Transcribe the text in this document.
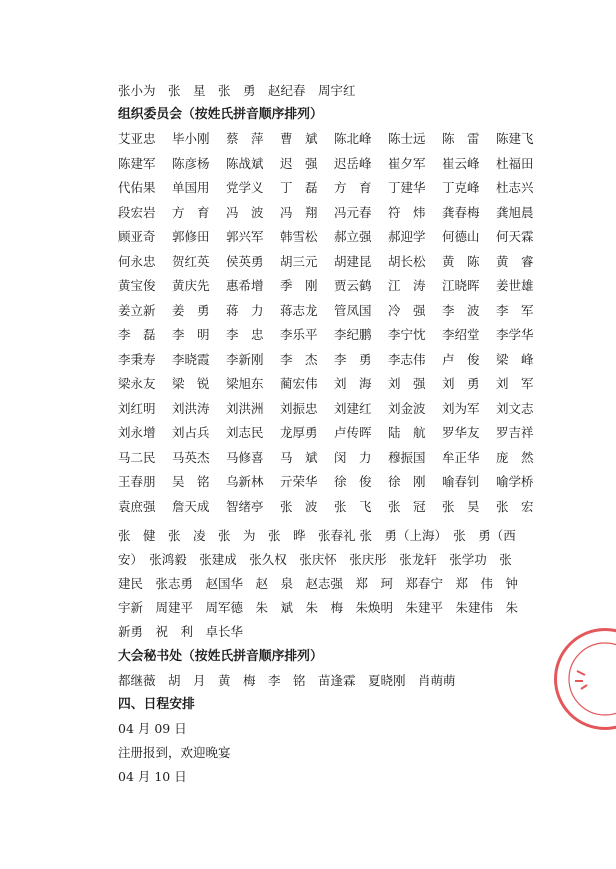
张小为　张　星　张　勇　赵纪春　周宇红
组织委员会（按姓氏拼音顺序排列）
艾亚忠	毕小刚	蔡　萍	曹　斌	陈北峰	陈士远	陈　雷	陈建飞
陈建军	陈彦杨	陈战斌	迟　强	迟岳峰	崔夕军	崔云峰	杜福田
代佑果	单国用	党学义	丁　磊	方　育	丁建华	丁克峰	杜志兴
段宏岩	方　育	冯　波	冯　翔	冯元春	符　炜	龚春梅	龚旭晨
顾亚奇	郭修田	郭兴军	韩雪松	郝立强	郝迎学	何德山	何天霖
何永忠	贺红英	侯英勇	胡三元	胡建昆	胡长松	黄　陈	黄　睿
黄宝俊	黄庆先	惠希增	季　刚	贾云鹤	江　涛	江晓晖	姜世雄
姜立新	姜　勇	蒋　力	蒋志龙	管凤国	冷　强	李　波	李　军
李　磊	李　明	李　忠	李乐平	李纪鹏	李宁忱	李绍堂	李学华
李秉寿	李晓霞	李新刚	李　杰	李　勇	李志伟	卢　俊	梁　峰
梁永友	梁　锐	梁旭东	蔺宏伟	刘　海	刘　强	刘　勇	刘　军
刘红明	刘洪涛	刘洪洲	刘振忠	刘建红	刘金波	刘为军	刘文志
刘永增	刘占兵	刘志民	龙厚勇	卢传晖	陆　航	罗华友	罗吉祥
马二民	马英杰	马修喜	马　斌	闵　力	穆振国	牟正华	庞　然
王春朋	吴　铭	乌新林	亓荣华	徐　俊	徐　刚	喻春钊	喻学桥
袁庶强	詹天成	智绪亭	张　波	张　飞	张　冠	张　昊	张　宏
张　健　张　凌　张　为　张　晔　张春礼 张　勇（上海）　张　勇（西
安）　张鸿毅　张建成　张久权　张庆怀　张庆彤　张龙轩　张学功　张
建民　张志勇　赵国华　赵　泉　赵志强　郑　珂　郑春宁　郑　伟　钟
宇新　周建平　周军德　朱　斌　朱　梅　朱焕明　朱建平　朱建伟　朱
新勇　祝　利　卓长华
大会秘书处（按姓氏拼音顺序排列）
都继薇　胡　月　黄　梅　李　铭　苗逢霖　夏晓刚　肖萌萌
四、日程安排
04 月 09 日
注册报到，欢迎晚宴
04 月 10 日
